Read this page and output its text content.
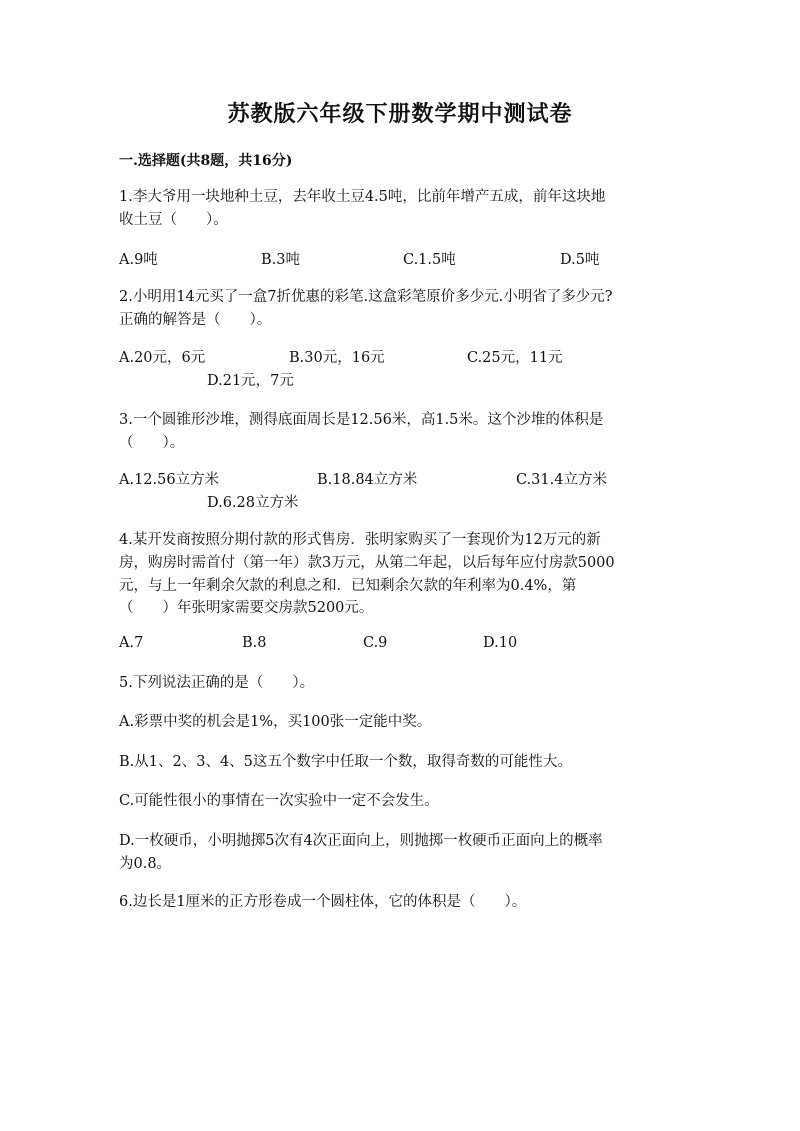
苏教版六年级下册数学期中测试卷
一.选择题(共8题，共16分)
1.李大爷用一块地种土豆，去年收土豆4.5吨，比前年增产五成，前年这块地
收土豆（　　）。
A.9吨	B.3吨	C.1.5吨	D.5吨
2.小明用14元买了一盒7折优惠的彩笔.这盒彩笔原价多少元.小明省了多少元?
正确的解答是（　　）。
A.20元，6元	B.30元，16元	C.25元，11元
D.21元，7元
3.一个圆锥形沙堆，测得底面周长是12.56米，高1.5米。这个沙堆的体积是
（　　）。
A.12.56立方米	B.18.84立方米	C.31.4立方米
D.6.28立方米
4.某开发商按照分期付款的形式售房．张明家购买了一套现价为12万元的新
房，购房时需首付（第一年）款3万元，从第二年起，以后每年应付房款5000
元，与上一年剩余欠款的利息之和．已知剩余欠款的年利率为0.4%，第
（　　）年张明家需要交房款5200元。
A.7	B.8	C.9	D.10
5.下列说法正确的是（　　）。
A.彩票中奖的机会是1%，买100张一定能中奖。
B.从1、2、3、4、5这五个数字中任取一个数，取得奇数的可能性大。
C.可能性很小的事情在一次实验中一定不会发生。
D.一枚硬币，小明抛掷5次有4次正面向上，则抛掷一枚硬币正面向上的概率
为0.8。
6.边长是1厘米的正方形卷成一个圆柱体，它的体积是（　　）。
